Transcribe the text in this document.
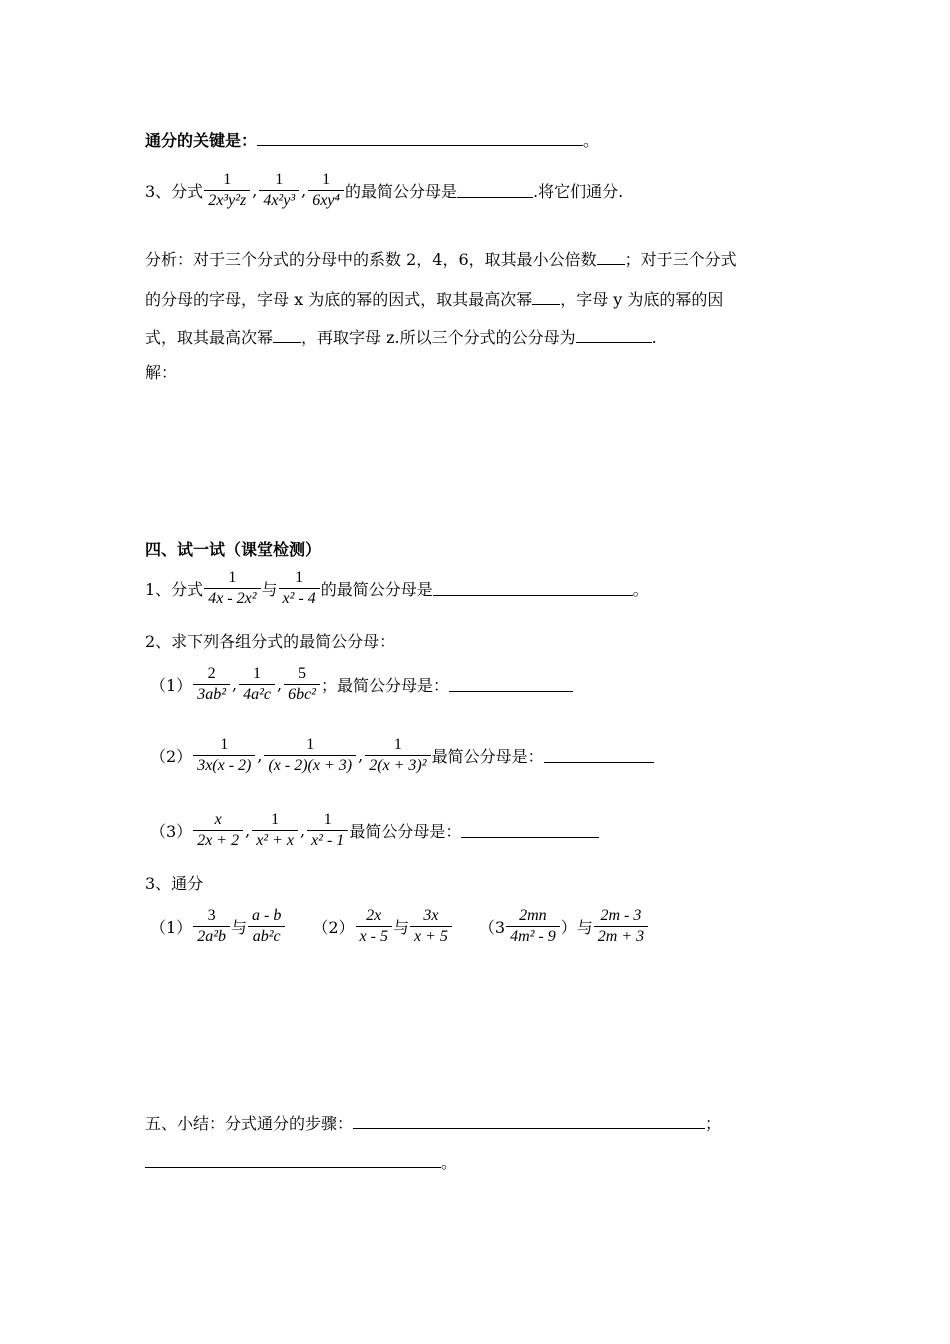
通分的关键是：	。
3、分式 $\frac{1}{\text{2x³y²z}}$ , $\frac{1}{\text{4x²y³}}$ , $\frac{1}{\text{6xy⁴}}$ 的最简公分母是	.将它们通分.
分析：对于三个分式的分母中的系数 2，4，6，取其最小公倍数 ；对于三个分式
的分母的字母，字母 x 为底的幂的因式，取其最高次幂 ，字母 y 为底的幂的因
式，取其最高次幂 ，再取字母 z.所以三个分式的公分母为	.
解：
四、试一试（课堂检测）
1、分式 $\frac{1}{\text{4x - 2x²}}$ 与 $\frac{1}{\text{x² - 4}}$ 的最简公分母是	。
2、求下列各组分式的最简公分母：
$(1) \frac{2}{\text{3ab²}}$ , $\frac{1}{\text{4a²c}}$ , $\frac{5}{\text{6bc²}}$ ；最简公分母是：
$(2) \frac{1}{3x(x - 2)}$ , $\frac{1}{(x - 2)(x + 3)}$ , $\frac{1}{\text{2(x + 3)²}}$ 最简公分母是：
$(3) \frac{x}{2x + 2}$ , $\frac{1}{\text{x² + x}}$ , $\frac{1}{\text{x² - 1}}$ 最简公分母是：
3、通分
$(1) \frac{3}{\text{2a²b}}$ 与 $\frac{a - b}{\text{ab²c}} (2) \frac{2x}{x - 5}$ 与 $\frac{3x}{x + 5} (3 \frac{2mn}{\text{4m² - 9}}$ ）与 $\frac{2m - 3}{2m + 3}$
五、小结：分式通分的步骤：	；
。
